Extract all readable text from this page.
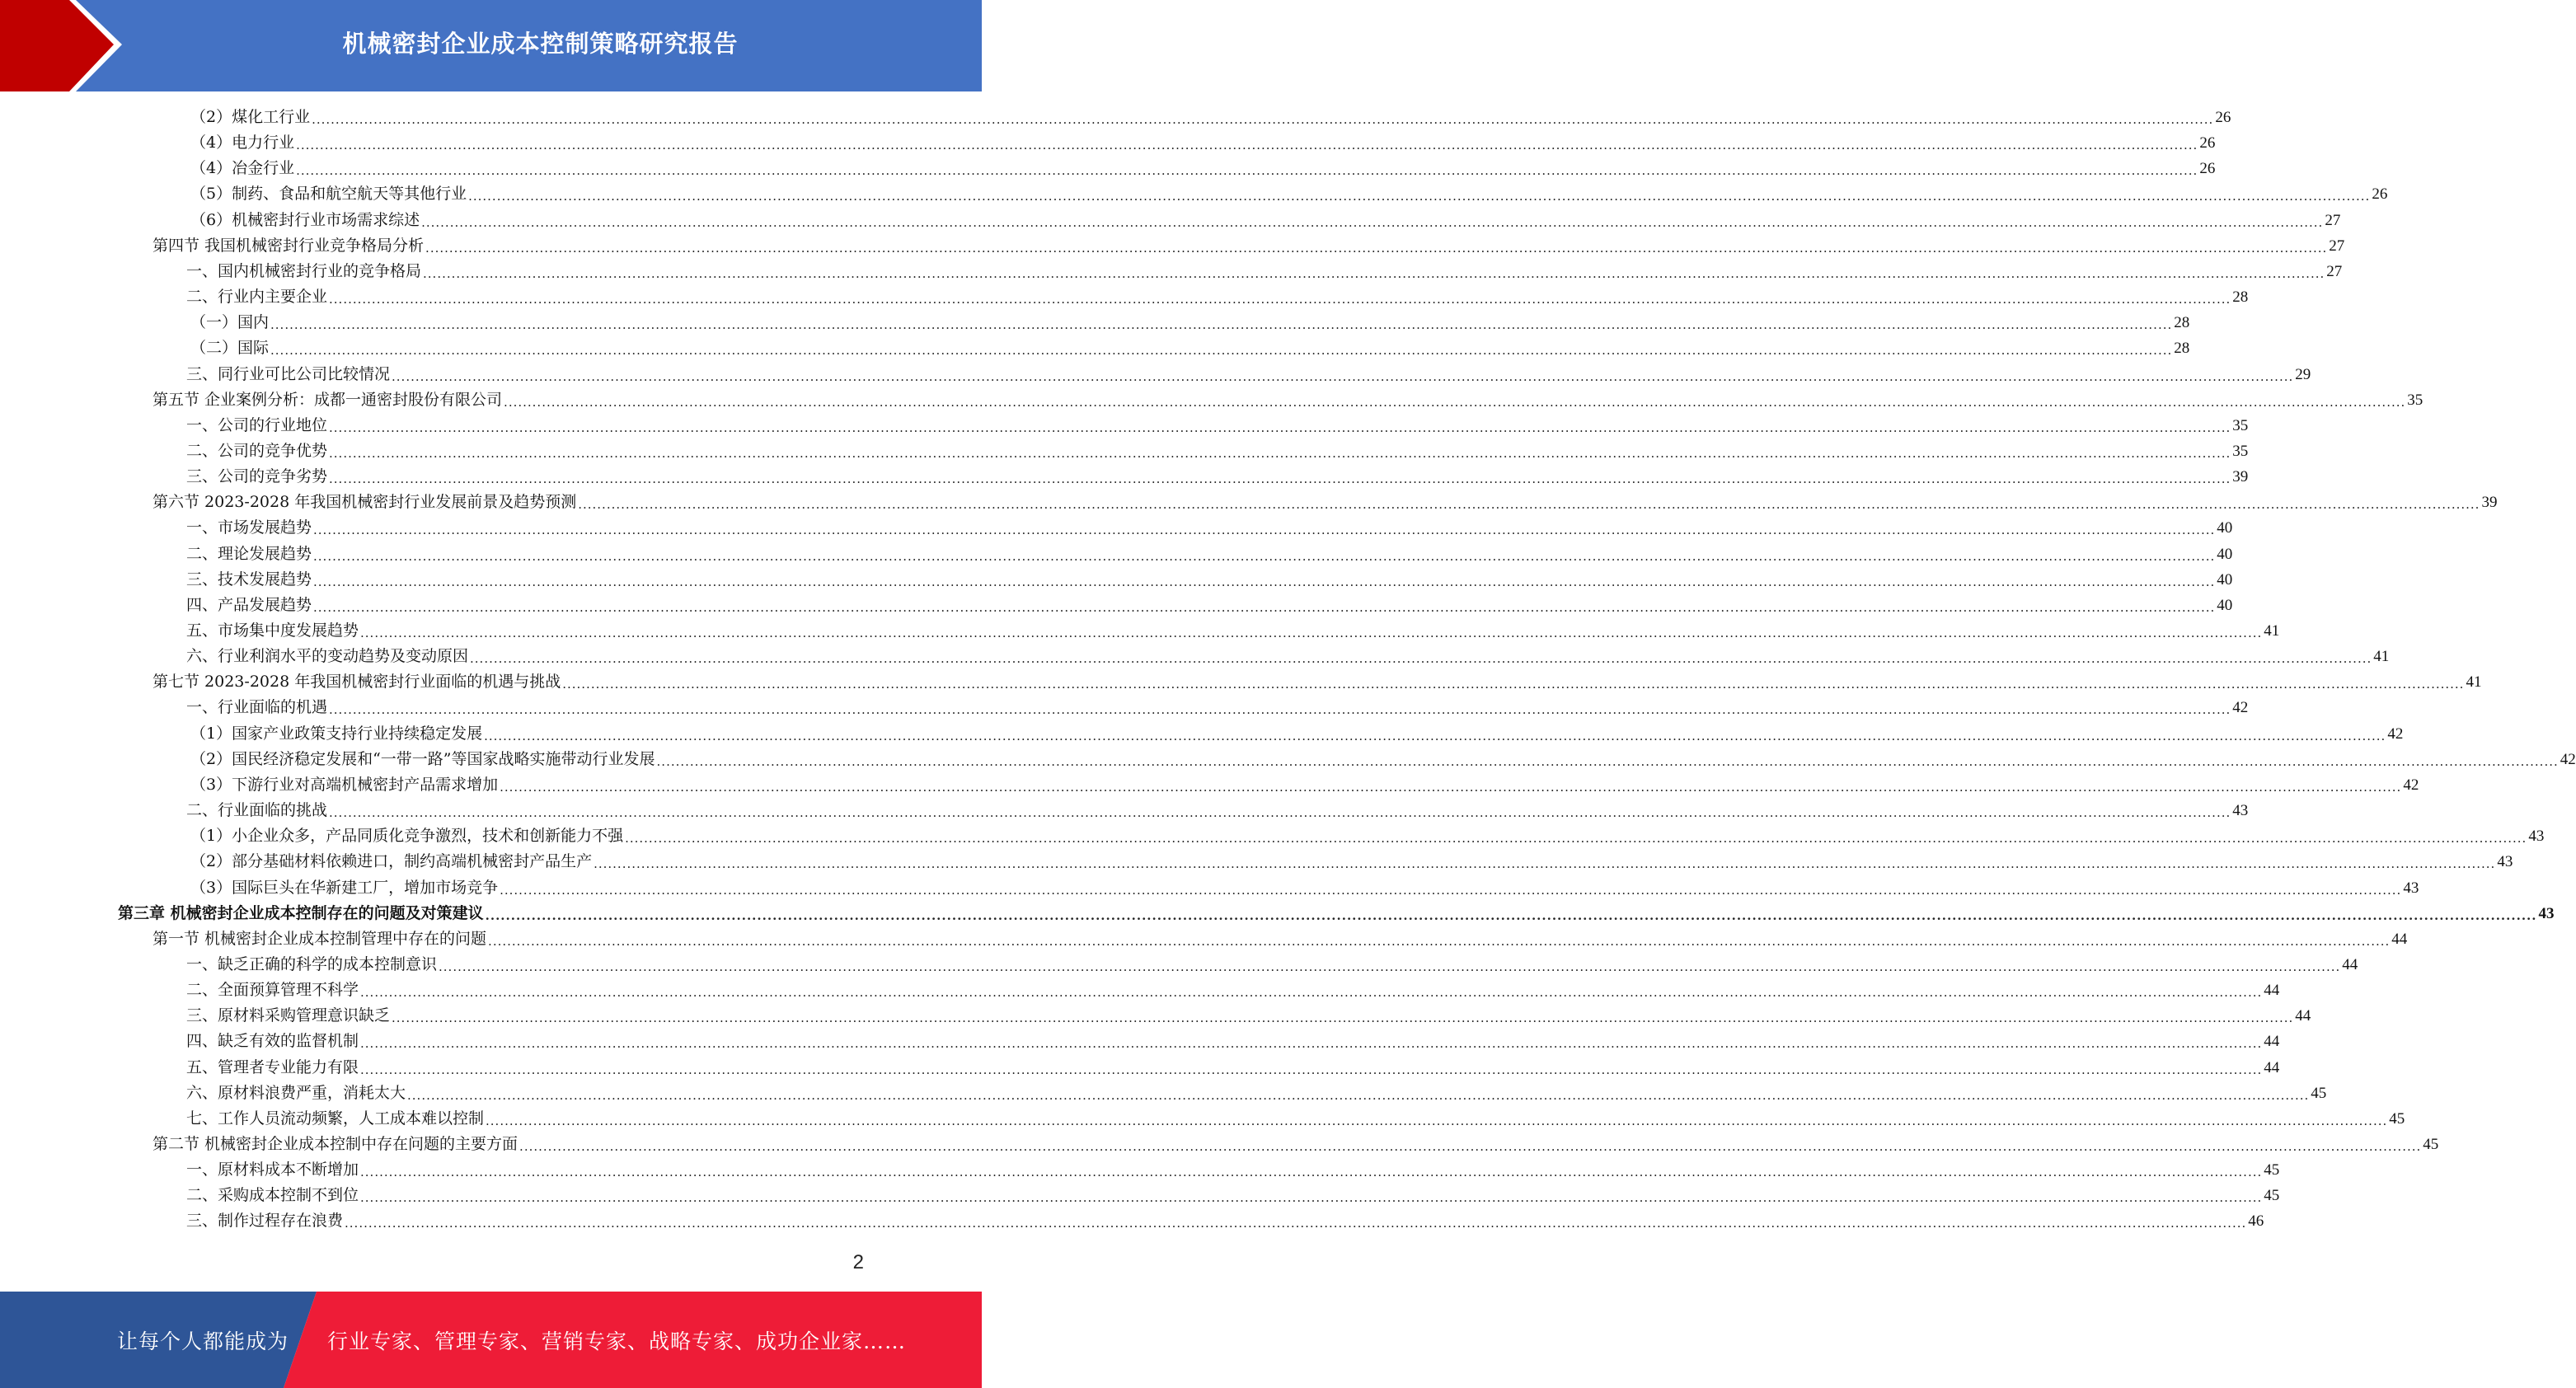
机械密封企业成本控制策略研究报告
（2）煤化工行业 ................................................................................................................................................................................................................................................................................................................................................................................................................ 26
（4）电力行业 ................................................................................................................................................................................................................................................................................................................................................................................................................ 26
（4）冶金行业 ................................................................................................................................................................................................................................................................................................................................................................................................................ 26
（5）制药、食品和航空航天等其他行业 ................................................................................................................................................................................................................................................................................................................................................................................................................ 26
（6）机械密封行业市场需求综述 ................................................................................................................................................................................................................................................................................................................................................................................................................ 27
第四节 我国机械密封行业竞争格局分析 ................................................................................................................................................................................................................................................................................................................................................................................................................ 27
一、国内机械密封行业的竞争格局 ................................................................................................................................................................................................................................................................................................................................................................................................................ 27
二、行业内主要企业 ................................................................................................................................................................................................................................................................................................................................................................................................................ 28
（一）国内 ................................................................................................................................................................................................................................................................................................................................................................................................................ 28
（二）国际 ................................................................................................................................................................................................................................................................................................................................................................................................................ 28
三、同行业可比公司比较情况 ................................................................................................................................................................................................................................................................................................................................................................................................................ 29
第五节 企业案例分析：成都一通密封股份有限公司 ................................................................................................................................................................................................................................................................................................................................................................................................................ 35
一、公司的行业地位 ................................................................................................................................................................................................................................................................................................................................................................................................................ 35
二、公司的竞争优势 ................................................................................................................................................................................................................................................................................................................................................................................................................ 35
三、公司的竞争劣势 ................................................................................................................................................................................................................................................................................................................................................................................................................ 39
第六节 2023-2028 年我国机械密封行业发展前景及趋势预测 ................................................................................................................................................................................................................................................................................................................................................................................................................ 39
一、市场发展趋势 ................................................................................................................................................................................................................................................................................................................................................................................................................ 40
二、理论发展趋势 ................................................................................................................................................................................................................................................................................................................................................................................................................ 40
三、技术发展趋势 ................................................................................................................................................................................................................................................................................................................................................................................................................ 40
四、产品发展趋势 ................................................................................................................................................................................................................................................................................................................................................................................................................ 40
五、市场集中度发展趋势 ................................................................................................................................................................................................................................................................................................................................................................................................................ 41
六、行业利润水平的变动趋势及变动原因 ................................................................................................................................................................................................................................................................................................................................................................................................................ 41
第七节 2023-2028 年我国机械密封行业面临的机遇与挑战 ................................................................................................................................................................................................................................................................................................................................................................................................................ 41
一、行业面临的机遇 ................................................................................................................................................................................................................................................................................................................................................................................................................ 42
（1）国家产业政策支持行业持续稳定发展 ................................................................................................................................................................................................................................................................................................................................................................................................................ 42
（2）国民经济稳定发展和“一带一路”等国家战略实施带动行业发展 ................................................................................................................................................................................................................................................................................................................................................................................................................ 42
（3）下游行业对高端机械密封产品需求增加 ................................................................................................................................................................................................................................................................................................................................................................................................................ 42
二、行业面临的挑战 ................................................................................................................................................................................................................................................................................................................................................................................................................ 43
（1）小企业众多，产品同质化竞争激烈，技术和创新能力不强 ................................................................................................................................................................................................................................................................................................................................................................................................................ 43
（2）部分基础材料依赖进口，制约高端机械密封产品生产 ................................................................................................................................................................................................................................................................................................................................................................................................................ 43
（3）国际巨头在华新建工厂，增加市场竞争 ................................................................................................................................................................................................................................................................................................................................................................................................................ 43
第三章 机械密封企业成本控制存在的问题及对策建议 ................................................................................................................................................................................................................................................................................................................................................................................................................ 43
第一节 机械密封企业成本控制管理中存在的问题 ................................................................................................................................................................................................................................................................................................................................................................................................................ 44
一、缺乏正确的科学的成本控制意识 ................................................................................................................................................................................................................................................................................................................................................................................................................ 44
二、全面预算管理不科学 ................................................................................................................................................................................................................................................................................................................................................................................................................ 44
三、原材料采购管理意识缺乏 ................................................................................................................................................................................................................................................................................................................................................................................................................ 44
四、缺乏有效的监督机制 ................................................................................................................................................................................................................................................................................................................................................................................................................ 44
五、管理者专业能力有限 ................................................................................................................................................................................................................................................................................................................................................................................................................ 44
六、原材料浪费严重，消耗太大 ................................................................................................................................................................................................................................................................................................................................................................................................................ 45
七、工作人员流动频繁，人工成本难以控制 ................................................................................................................................................................................................................................................................................................................................................................................................................ 45
第二节 机械密封企业成本控制中存在问题的主要方面 ................................................................................................................................................................................................................................................................................................................................................................................................................ 45
一、原材料成本不断增加 ................................................................................................................................................................................................................................................................................................................................................................................................................ 45
二、采购成本控制不到位 ................................................................................................................................................................................................................................................................................................................................................................................................................ 45
三、制作过程存在浪费 ................................................................................................................................................................................................................................................................................................................................................................................................................ 46
2
让每个人都能成为 行业专家、管理专家、营销专家、战略专家、成功企业家……
